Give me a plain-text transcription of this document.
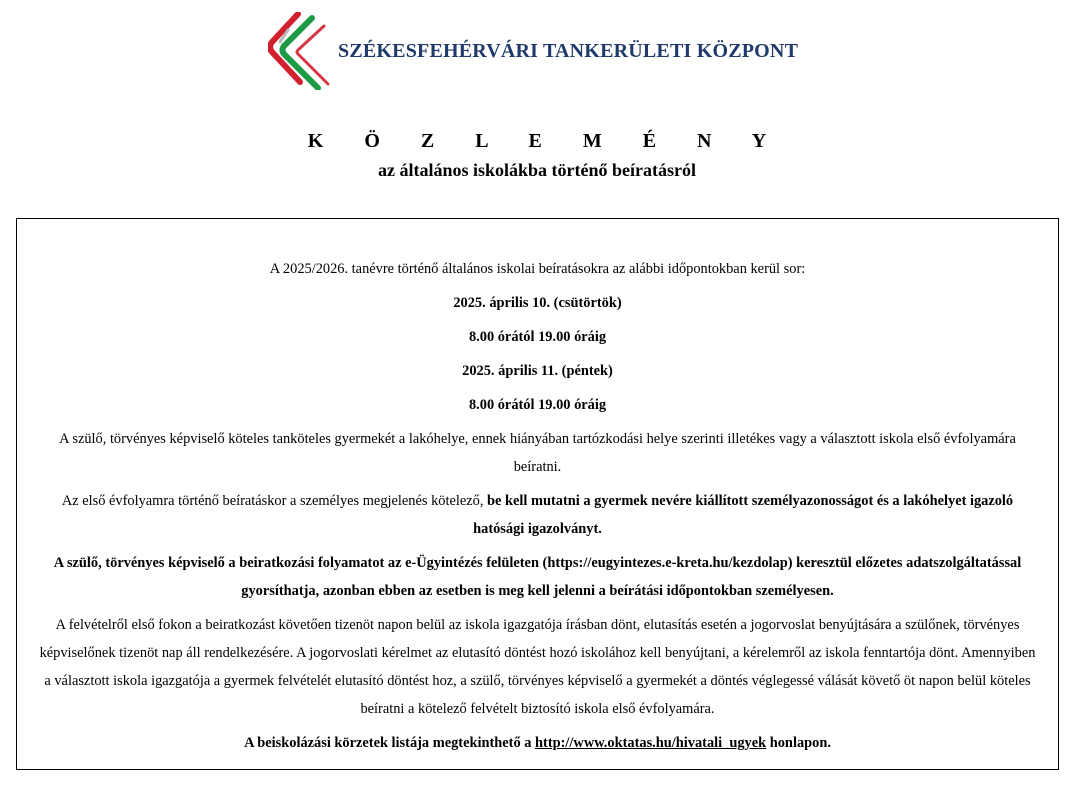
SZÉKESFEHÉRVÁRI TANKERÜLETI KÖZPONT
K Ö Z L E M É N Y
az általános iskolákba történő beíratásról

A 2025/2026. tanévre történő általános iskolai beíratásokra az alábbi időpontokban kerül sor:

2025. április 10. (csütörtök)

8.00 órától 19.00 óráig

2025. április 11. (péntek)

8.00 órától 19.00 óráig

A szülő, törvényes képviselő köteles tanköteles gyermekét a lakóhelye, ennek hiányában tartózkodási helye szerinti illetékes vagy a választott iskola első évfolyamára beíratni.

Az első évfolyamra történő beíratáskor a személyes megjelenés kötelező, be kell mutatni a gyermek nevére kiállított személyazonosságot és a lakóhelyet igazoló hatósági igazolványt.

A szülő, törvényes képviselő a beiratkozási folyamatot az e-Ügyintézés felületen (https://eugyintezes.e-kreta.hu/kezdolap) keresztül előzetes adatszolgáltatással gyorsíthatja, azonban ebben az esetben is meg kell jelenni a beírátási időpontokban személyesen.

A felvételről első fokon a beiratkozást követően tizenöt napon belül az iskola igazgatója írásban dönt, elutasítás esetén a jogorvoslat benyújtására a szülőnek, törvényes képviselőnek tizenöt nap áll rendelkezésére. A jogorvoslati kérelmet az elutasító döntést hozó iskolához kell benyújtani, a kérelemről az iskola fenntartója dönt. Amennyiben a választott iskola igazgatója a gyermek felvételét elutasító döntést hoz, a szülő, törvényes képviselő a gyermekét a döntés véglegessé válását követő öt napon belül köteles beíratni a kötelező felvételt biztosító iskola első évfolyamára.

A beiskolázási körzetek listája megtekinthető a http://www.oktatas.hu/hivatali_ugyek honlapon.
